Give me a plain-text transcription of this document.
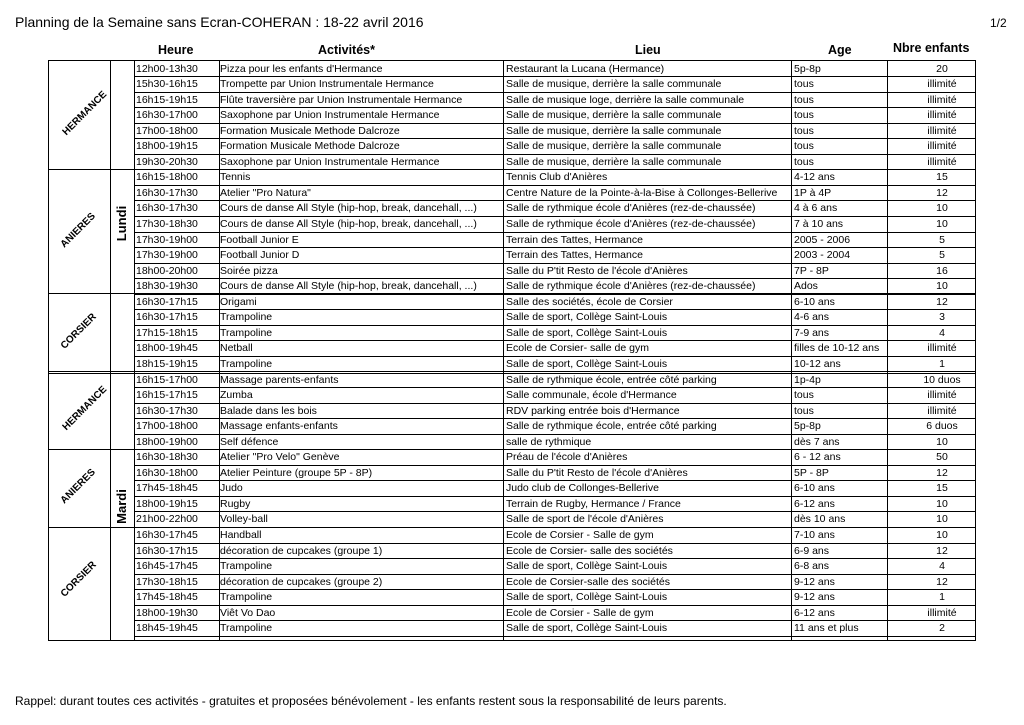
Planning de la Semaine sans Ecran-COHERAN : 18-22 avril 2016	1/2
Heure	Activités*	Lieu	Age	Nbre enfants
12h00-13h30	Pizza pour les enfants d'Hermance	Restaurant la Lucana (Hermance)	5p-8p	20
15h30-16h15	Trompette par Union Instrumentale Hermance	Salle de musique, derrière la salle communale	tous	illimité
16h15-19h15	Flûte traversière par Union Instrumentale Hermance	Salle de musique loge, derrière la salle communale	tous	illimité
16h30-17h00	Saxophone par Union Instrumentale Hermance	Salle de musique, derrière la salle communale	tous	illimité
17h00-18h00	Formation Musicale Methode Dalcroze	Salle de musique, derrière la salle communale	tous	illimité
18h00-19h15	Formation Musicale Methode Dalcroze	Salle de musique, derrière la salle communale	tous	illimité
19h30-20h30	Saxophone par Union Instrumentale Hermance	Salle de musique, derrière la salle communale	tous	illimité
HERMANCE
16h15-18h00	Tennis	Tennis Club d'Anières	4-12 ans	15
16h30-17h30	Atelier "Pro Natura"	Centre Nature de la Pointe-à-la-Bise à Collonges-Bellerive	1P à 4P	12
16h30-17h30	Cours de danse All Style (hip-hop, break, dancehall, ...)	Salle de rythmique école d'Anières (rez-de-chaussée)	4 à 6 ans	10
17h30-18h30	Cours de danse All Style (hip-hop, break, dancehall, ...)	Salle de rythmique école d'Anières (rez-de-chaussée)	7 à 10 ans	10
17h30-19h00	Football Junior E	Terrain des Tattes, Hermance	2005 - 2006	5
17h30-19h00	Football Junior D	Terrain des Tattes, Hermance	2003 - 2004	5
18h00-20h00	Soirée pizza	Salle du P'tit Resto de l'école d'Anières	7P - 8P	16
18h30-19h30	Cours de danse All Style (hip-hop, break, dancehall, ...)	Salle de rythmique école d'Anières (rez-de-chaussée)	Ados	10
ANIERES
16h30-17h15	Origami	Salle des sociétés, école de Corsier	6-10 ans	12
16h30-17h15	Trampoline	Salle de sport, Collège Saint-Louis	4-6 ans	3
17h15-18h15	Trampoline	Salle de sport, Collège Saint-Louis	7-9 ans	4
18h00-19h45	Netball	Ecole de Corsier- salle de gym	filles de 10-12 ans	illimité
18h15-19h15	Trampoline	Salle de sport, Collège Saint-Louis	10-12 ans	1
CORSIER
16h15-17h00	Massage parents-enfants	Salle de rythmique école, entrée côté parking	1p-4p	10 duos
16h15-17h15	Zumba	Salle communale, école d'Hermance	tous	illimité
16h30-17h30	Balade dans les bois	RDV parking entrée bois d'Hermance	tous	illimité
17h00-18h00	Massage enfants-enfants	Salle de rythmique école, entrée côté parking	5p-8p	6 duos
18h00-19h00	Self défence	salle de rythmique	dès 7 ans	10
HERMANCE
16h30-18h30	Atelier "Pro Velo" Genève	Préau de l'école d'Anières	6 - 12 ans	50
16h30-18h00	Atelier Peinture (groupe 5P - 8P)	Salle du P'tit Resto de l'école d'Anières	5P - 8P	12
17h45-18h45	Judo	Judo club de Collonges-Bellerive	6-10 ans	15
18h00-19h15	Rugby	Terrain de Rugby, Hermance / France	6-12 ans	10
21h00-22h00	Volley-ball	Salle de sport de l'école d'Anières	dès 10 ans	10
ANIERES
16h30-17h45	Handball	Ecole de Corsier - Salle de gym	7-10 ans	10
16h30-17h15	décoration de cupcakes (groupe 1)	Ecole de Corsier- salle des sociétés	6-9 ans	12
16h45-17h45	Trampoline	Salle de sport, Collège Saint-Louis	6-8 ans	4
17h30-18h15	décoration de cupcakes (groupe 2)	Ecole de Corsier-salle des sociétés	9-12 ans	12
17h45-18h45	Trampoline	Salle de sport, Collège Saint-Louis	9-12 ans	1
18h00-19h30	Viêt Vo Dao	Ecole de Corsier - Salle de gym	6-12 ans	illimité
18h45-19h45	Trampoline	Salle de sport, Collège Saint-Louis	11 ans et plus	2
CORSIER
Lundi
Mardi
Rappel: durant toutes ces activités - gratuites et proposées bénévolement - les enfants restent sous la responsabilité de leurs parents.
